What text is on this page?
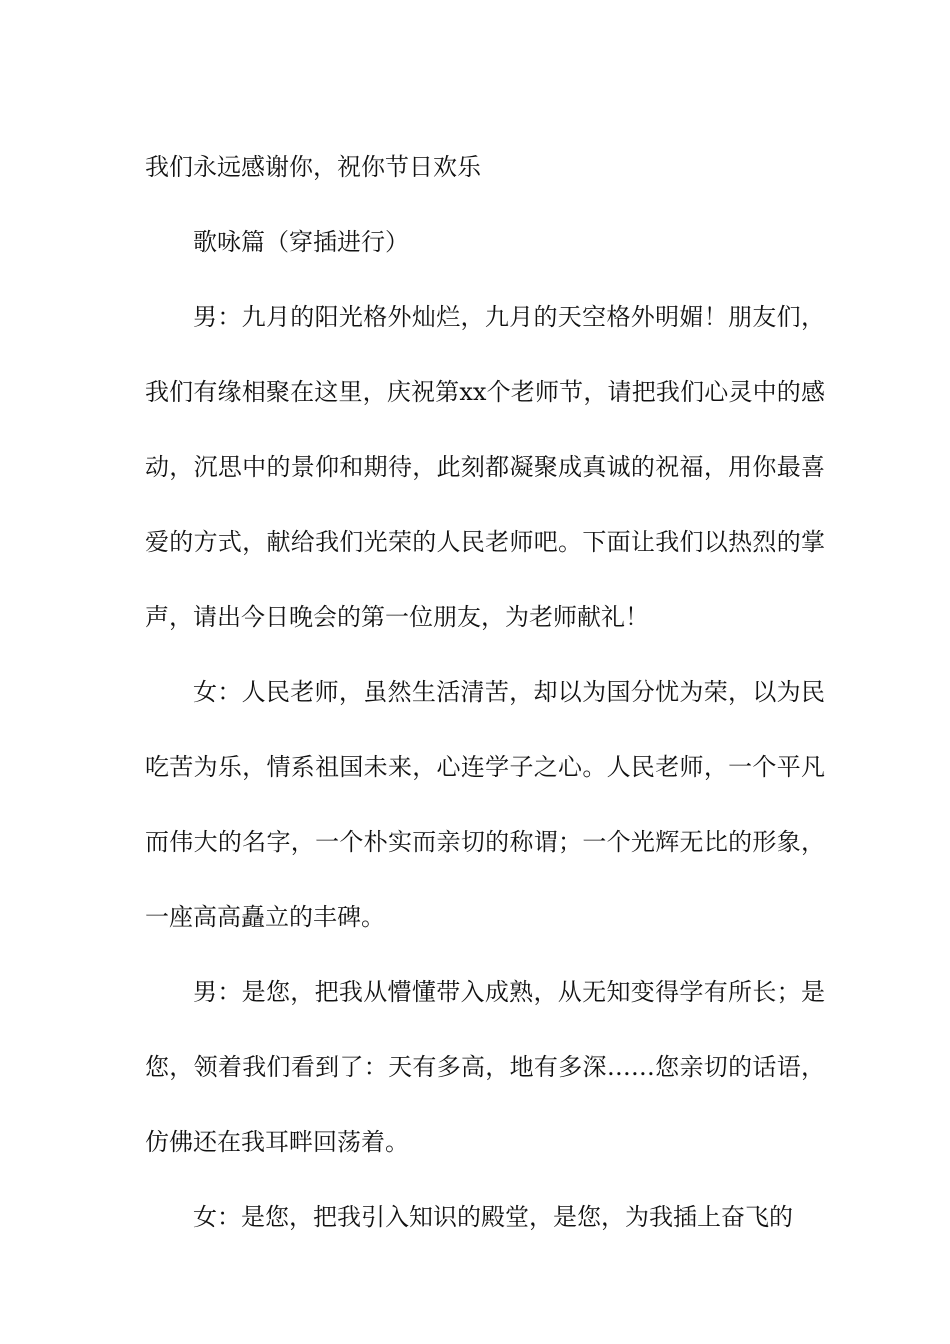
我们永远感谢你，祝你节日欢乐

歌咏篇（穿插进行）

男：九月的阳光格外灿烂，九月的天空格外明媚！朋友们，我们有缘相聚在这里，庆祝第xx个老师节，请把我们心灵中的感动，沉思中的景仰和期待，此刻都凝聚成真诚的祝福，用你最喜爱的方式，献给我们光荣的人民老师吧。下面让我们以热烈的掌声，请出今日晚会的第一位朋友，为老师献礼！

女：人民老师，虽然生活清苦，却以为国分忧为荣，以为民吃苦为乐，情系祖国未来，心连学子之心。人民老师，一个平凡而伟大的名字，一个朴实而亲切的称谓；一个光辉无比的形象，一座高高矗立的丰碑。

男：是您，把我从懵懂带入成熟，从无知变得学有所长；是您，领着我们看到了：天有多高，地有多深……您亲切的话语，仿佛还在我耳畔回荡着。

女：是您，把我引入知识的殿堂，是您，为我插上奋飞的
